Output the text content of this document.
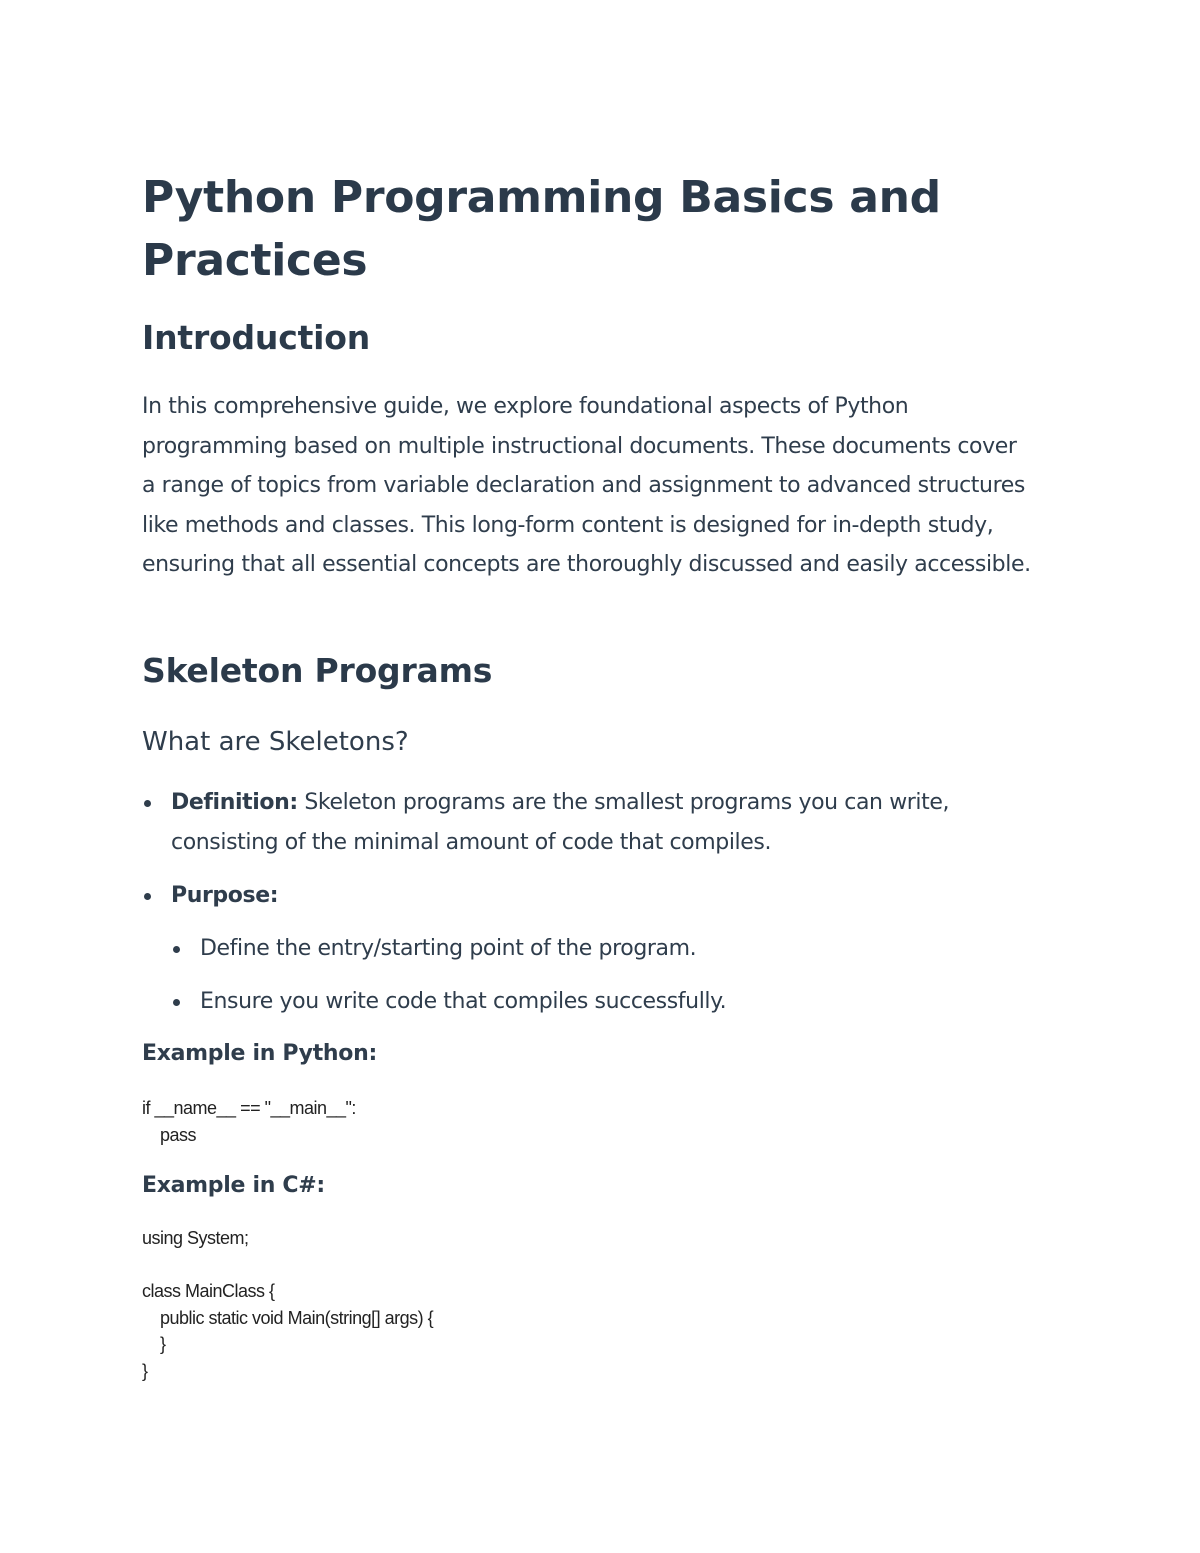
Python Programming Basics and Practices
Introduction

In this comprehensive guide, we explore foundational aspects of Python programming based on multiple instructional documents. These documents cover a range of topics from variable declaration and assignment to advanced structures like methods and classes. This long-form content is designed for in-depth study, ensuring that all essential concepts are thoroughly discussed and easily accessible.

Skeleton Programs
What are Skeletons?
Definition: Skeleton programs are the smallest programs you can write, consisting of the minimal amount of code that compiles.
Purpose:
Define the entry/starting point of the program.
Ensure you write code that compiles successfully.

Example in Python:

if __name__ == "__main__":
pass

Example in C#:

using System;

class MainClass {
public static void Main(string[] args) {
}
}
